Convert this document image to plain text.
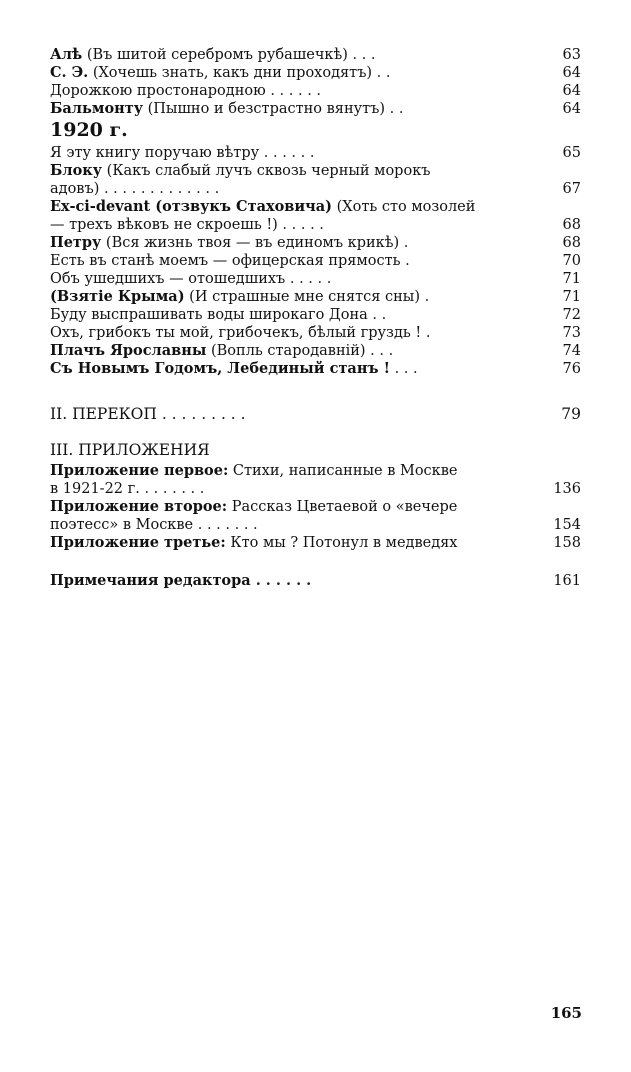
Алѣ (Въ шитой серебромъ рубашечкѣ) . . .	63
С. Э. (Хочешь знать, какъ дни проходятъ) . .	64
Дорожкою простонародною . . . . . .	64
Бальмонту (Пышно и безстрастно вянутъ) . .	64
1920 г.
Я эту книгу поручаю вѣтру . . . . . .	65
Блоку (Какъ слабый лучъ сквозь черный морокъ
адовъ) . . . . . . . . . . . . .	67
Ex-ci-devant (отзвукъ Стаховича) (Хоть сто мозолей
— трехъ вѣковъ не скроешь !) . . . . .	68
Петру (Вся жизнь твоя — въ единомъ крикѣ) .	68
Есть въ станѣ моемъ — офицерская прямость .	70
Объ ушедшихъ — отошедшихъ . . . . .	71
(Взятіе Крыма) (И страшные мне снятся сны) .	71
Буду выспрашивать воды широкаго Дона . .	72
Охъ, грибокъ ты мой, грибочекъ, бѣлый груздь ! .	73
Плачъ Ярославны (Вопль стародавній) . . .	74
Съ Новымъ Годомъ, Лебединый станъ ! . . .	76
II. ПЕРЕКОП . . . . . . . . .	79
III. ПРИЛОЖЕНИЯ
Приложение первое: Стихи, написанные в Москве
в 1921-22 г. . . . . . . .	136
Приложение второе: Рассказ Цветаевой о «вечере
поэтесс» в Москве . . . . . . .	154
Приложение третье: Кто мы ? Потонул в медведях	158
Примечания редактора . . . . . .	161
165
